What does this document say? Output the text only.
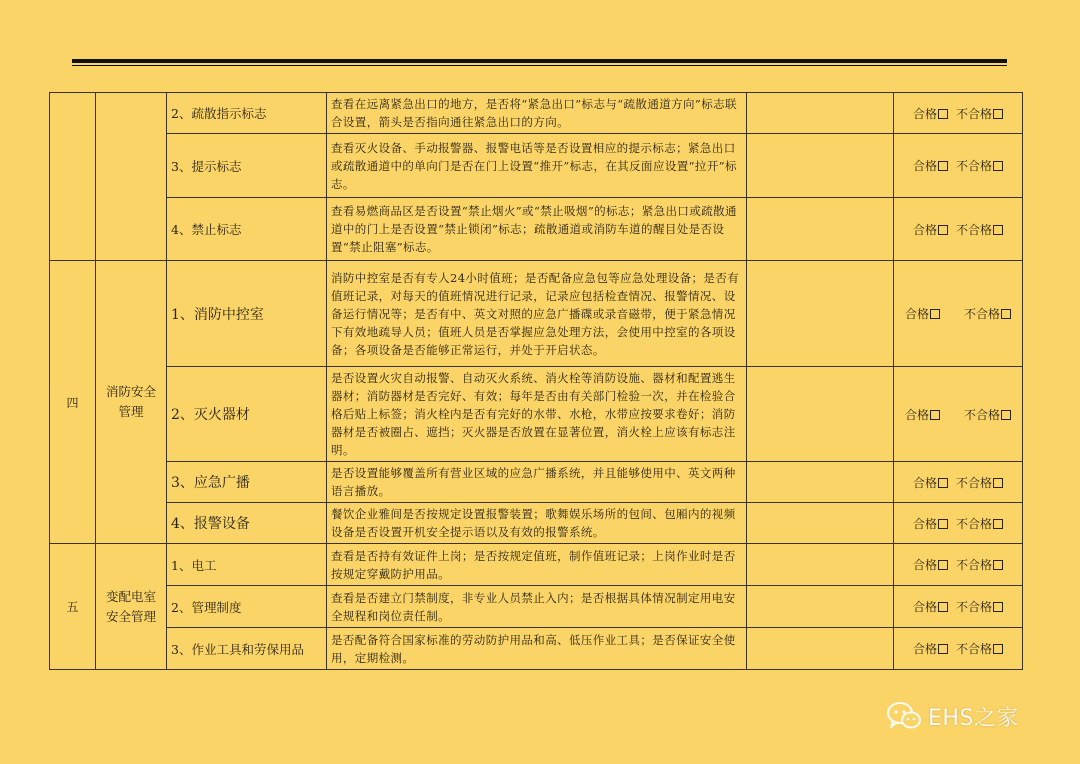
		2、疏散指示标志	查看在远离紧急出口的地方，是否将“紧急出口”标志与“疏散通道方向”标志联合设置，箭头是否指向通往紧急出口的方向。		合格 不合格
		3、提示标志	查看灭火设备、手动报警器、报警电话等是否设置相应的提示标志；紧急出口或疏散通道中的单向门是否在门上设置“推开”标志，在其反面应设置“拉开”标志。		合格 不合格
		4、禁止标志	查看易燃商品区是否设置“禁止烟火”或“禁止吸烟”的标志；紧急出口或疏散通道中的门上是否设置“禁止锁闭”标志；疏散通道或消防车道的醒目处是否设置“禁止阻塞”标志。		合格 不合格
四	消防安全管理	1、消防中控室	消防中控室是否有专人24小时值班；是否配备应急包等应急处理设备；是否有值班记录，对每天的值班情况进行记录，记录应包括检查情况、报警情况、设备运行情况等；是否有中、英文对照的应急广播碟或录音磁带，便于紧急情况下有效地疏导人员；值班人员是否掌握应急处理方法，会使用中控室的各项设备；各项设备是否能够正常运行，并处于开启状态。		合格 不合格
		2、灭火器材	是否设置火灾自动报警、自动灭火系统、消火栓等消防设施、器材和配置逃生器材；消防器材是否完好、有效；每年是否由有关部门检验一次，并在检验合格后贴上标签；消火栓内是否有完好的水带、水枪，水带应按要求卷好；消防器材是否被圈占、遮挡；灭火器是否放置在显著位置，消火栓上应该有标志注明。		合格 不合格
		3、应急广播	是否设置能够覆盖所有营业区域的应急广播系统，并且能够使用中、英文两种语言播放。		合格 不合格
		4、报警设备	餐饮企业雅间是否按规定设置报警装置；歌舞娱乐场所的包间、包厢内的视频设备是否设置开机安全提示语以及有效的报警系统。		合格 不合格
五	变配电室安全管理	1、电工	查看是否持有效证件上岗；是否按规定值班，制作值班记录；上岗作业时是否按规定穿戴防护用品。		合格 不合格
		2、管理制度	查看是否建立门禁制度，非专业人员禁止入内；是否根据具体情况制定用电安全规程和岗位责任制。		合格 不合格
		3、作业工具和劳保用品	是否配备符合国家标准的劳动防护用品和高、低压作业工具；是否保证安全使用，定期检测。		合格 不合格
EHS之家
